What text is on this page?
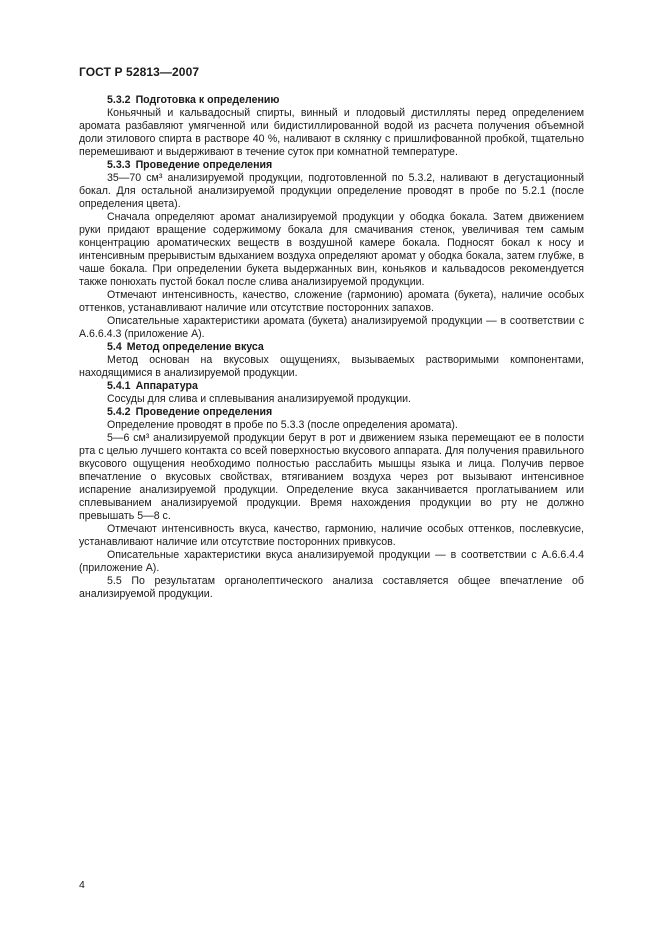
ГОСТ Р 52813—2007

5.3.2 Подготовка к определению

Коньячный и кальвадосный спирты, винный и плодовый дистилляты перед определением аромата разбавляют умягченной или бидистиллированной водой из расчета получения объемной доли этилового спирта в растворе 40 %, наливают в склянку с пришлифованной пробкой, тщательно перемешивают и выдерживают в течение суток при комнатной температуре.

5.3.3 Проведение определения

35—70 см³ анализируемой продукции, подготовленной по 5.3.2, наливают в дегустационный бокал. Для остальной анализируемой продукции определение проводят в пробе по 5.2.1 (после определения цвета).

Сначала определяют аромат анализируемой продукции у ободка бокала. Затем движением руки придают вращение содержимому бокала для смачивания стенок, увеличивая тем самым концентрацию ароматических веществ в воздушной камере бокала. Подносят бокал к носу и интенсивным прерывистым вдыханием воздуха определяют аромат у ободка бокала, затем глубже, в чаше бокала. При определении букета выдержанных вин, коньяков и кальвадосов рекомендуется также понюхать пустой бокал после слива анализируемой продукции.

Отмечают интенсивность, качество, сложение (гармонию) аромата (букета), наличие особых оттенков, устанавливают наличие или отсутствие посторонних запахов.

Описательные характеристики аромата (букета) анализируемой продукции — в соответствии с А.6.6.4.3 (приложение А).

5.4 Метод определение вкуса

Метод основан на вкусовых ощущениях, вызываемых растворимыми компонентами, находящимися в анализируемой продукции.

5.4.1 Аппаратура

Сосуды для слива и сплевывания анализируемой продукции.

5.4.2 Проведение определения

Определение проводят в пробе по 5.3.3 (после определения аромата).

5—6 см³ анализируемой продукции берут в рот и движением языка перемещают ее в полости рта с целью лучшего контакта со всей поверхностью вкусового аппарата. Для получения правильного вкусового ощущения необходимо полностью расслабить мышцы языка и лица. Получив первое впечатление о вкусовых свойствах, втягиванием воздуха через рот вызывают интенсивное испарение анализируемой продукции. Определение вкуса заканчивается проглатыванием или сплевыванием анализируемой продукции. Время нахождения продукции во рту не должно превышать 5—8 с.

Отмечают интенсивность вкуса, качество, гармонию, наличие особых оттенков, послевкусие, устанавливают наличие или отсутствие посторонних привкусов.

Описательные характеристики вкуса анализируемой продукции — в соответствии с А.6.6.4.4 (приложение А).

5.5 По результатам органолептического анализа составляется общее впечатление об анализируемой продукции.

4
